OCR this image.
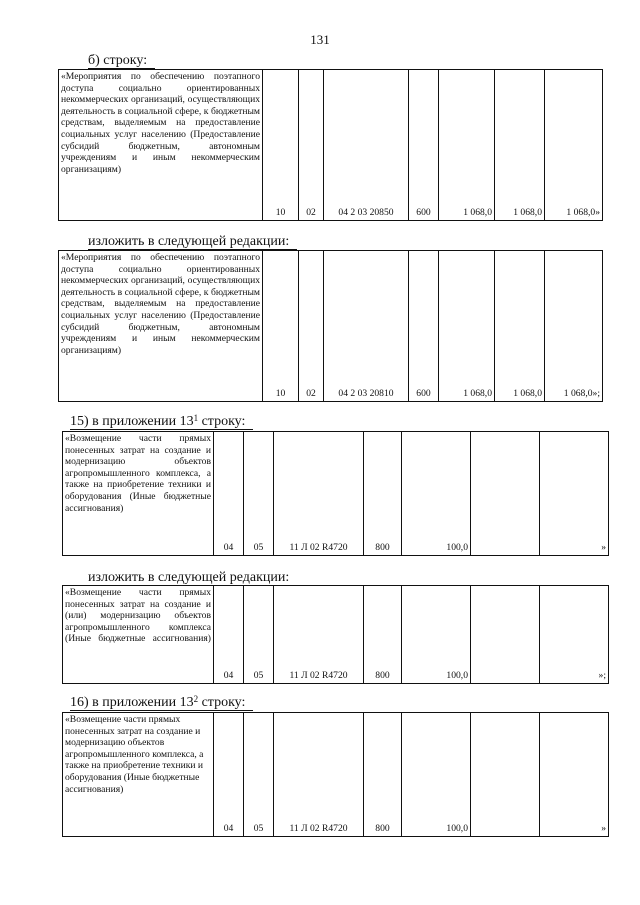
131
б) строку:
«Мероприятия по обеспечению поэтапного доступа социально ориентированных некоммерческих организаций, осуществляющих деятельность в социальной сфере, к бюджетным средствам, выделяемым на предоставление социальных услуг населению (Предоставление субсидий бюджетным, автономным учреждениям и иным некоммерческим организациям)	10	02	04 2 03 20850	600	1 068,0	1 068,0	1 068,0»
изложить в следующей редакции:
«Мероприятия по обеспечению поэтапного доступа социально ориентированных некоммерческих организаций, осуществляющих деятельность в социальной сфере, к бюджетным средствам, выделяемым на предоставление социальных услуг населению (Предоставление субсидий бюджетным, автономным учреждениям и иным некоммерческим организациям)	10	02	04 2 03 20810	600	1 068,0	1 068,0	1 068,0»;
15) в приложении $13^1$ строку:
«Возмещение части прямых понесенных затрат на создание и модернизацию объектов агропромышленного комплекса, а также на приобретение техники и оборудования (Иные бюджетные ассигнования)	04	05	11 Л 02 R4720	800	100,0		»
изложить в следующей редакции:
«Возмещение части прямых понесенных затрат на создание и (или) модернизацию объектов агропромышленного комплекса (Иные бюджетные ассигнования)	04	05	11 Л 02 R4720	800	100,0		»;
16) в приложении $13^2$ строку:
«Возмещение части прямых понесенных затрат на создание и модернизацию объектов агропромышленного комплекса, а также на приобретение техники и оборудования (Иные бюджетные ассигнования)	04	05	11 Л 02 R4720	800	100,0		»
